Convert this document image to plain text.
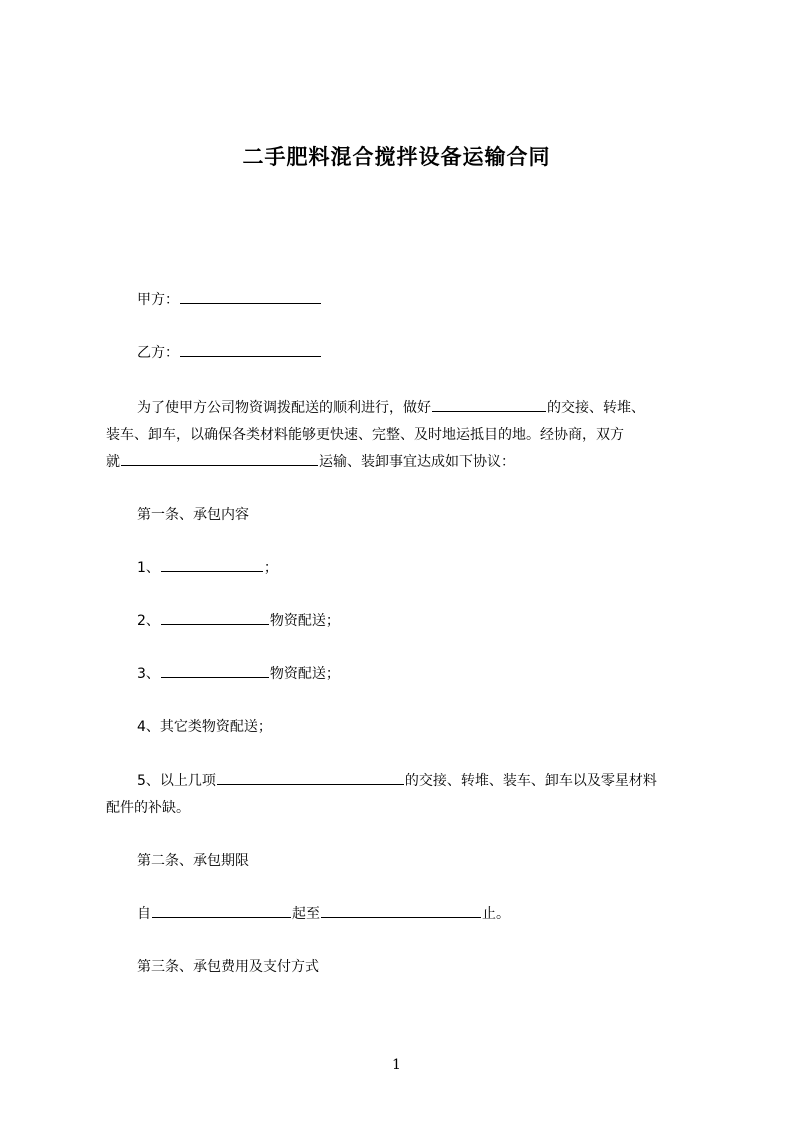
二手肥料混合搅拌设备运输合同
甲方：
乙方：
为了使甲方公司物资调拨配送的顺利进行，做好	的交接、转堆、
装车、卸车，以确保各类材料能够更快速、完整、及时地运抵目的地。经协商，双方
就	运输、装卸事宜达成如下协议：
第一条、承包内容
1、	；
2、	物资配送；
3、	物资配送；
4、其它类物资配送；
5、以上几项	的交接、转堆、装车、卸车以及零星材料
配件的补缺。
第二条、承包期限
自	起至	止。
第三条、承包费用及支付方式
1
